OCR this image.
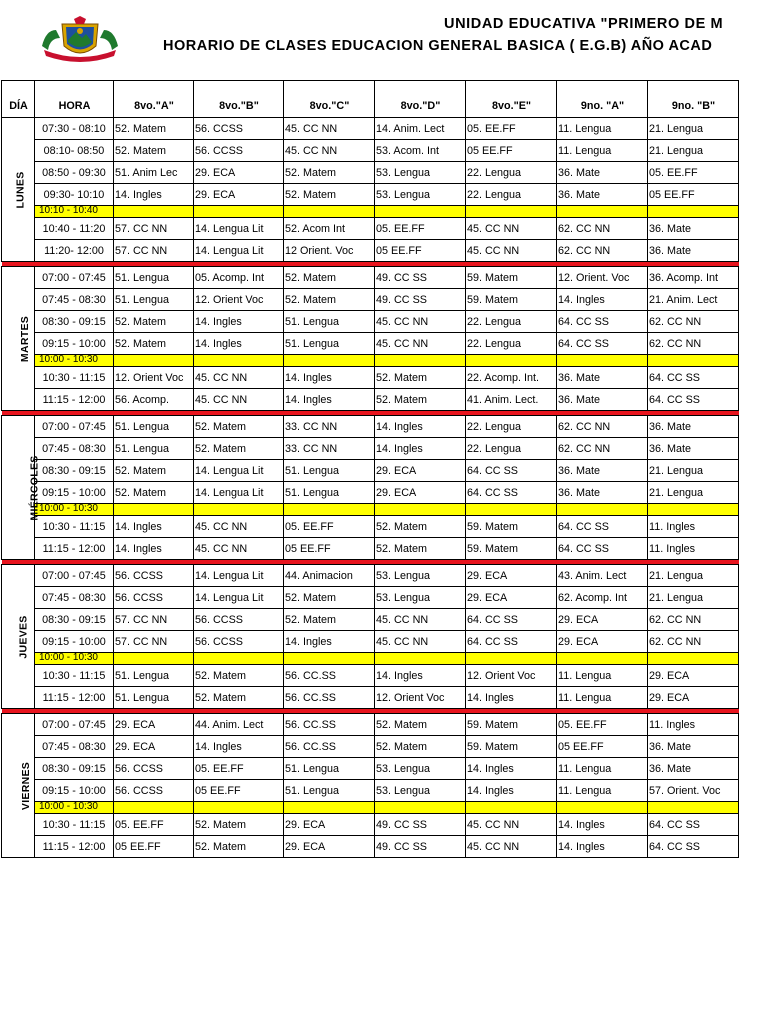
UNIDAD EDUCATIVA "PRIMERO DE M
HORARIO DE CLASES EDUCACION GENERAL BASICA ( E.G.B) AÑO ACAD
DÍA	HORA	8vo."A"	8vo."B"	8vo."C"	8vo."D"	8vo."E"	9no. "A"	9no. "B"
LUNES	07:30 - 08:10	52. Matem	56. CCSS	45. CC NN	14. Anim. Lect	05. EE.FF	11. Lengua	21. Lengua
	08:10- 08:50	52. Matem	56. CCSS	45. CC NN	53. Acom. Int	05 EE.FF	11. Lengua	21. Lengua
	08:50 - 09:30	51. Anim Lec	29. ECA	52. Matem	53. Lengua	22. Lengua	36. Mate	05. EE.FF
	09:30- 10:10	14. Ingles	29. ECA	52. Matem	53. Lengua	22. Lengua	36. Mate	05 EE.FF
	10:10 - 10:40							
	10:40 - 11:20	57. CC NN	14. Lengua Lit	52. Acom Int	05. EE.FF	45. CC NN	62. CC NN	36. Mate
	11:20- 12:00	57. CC NN	14. Lengua Lit	12 Orient. Voc	05 EE.FF	45. CC NN	62. CC NN	36. Mate

MARTES	07:00 - 07:45	51. Lengua	05. Acomp. Int	52. Matem	49. CC SS	59. Matem	12. Orient. Voc	36. Acomp. Int
	07:45 - 08:30	51. Lengua	12. Orient Voc	52. Matem	49. CC SS	59. Matem	14. Ingles	21. Anim. Lect
	08:30 - 09:15	52. Matem	14. Ingles	51. Lengua	45. CC NN	22. Lengua	64. CC SS	62. CC NN
	09:15 - 10:00	52. Matem	14. Ingles	51. Lengua	45. CC NN	22. Lengua	64. CC SS	62. CC NN
	10:00 - 10:30							
	10:30 - 11:15	12. Orient Voc	45. CC NN	14. Ingles	52. Matem	22. Acomp. Int.	36. Mate	64. CC SS
	11:15 - 12:00	56. Acomp.	45. CC NN	14. Ingles	52. Matem	41. Anim. Lect.	36. Mate	64. CC SS

MIÉRCOLES	07:00 - 07:45	51. Lengua	52. Matem	33. CC NN	14. Ingles	22. Lengua	62. CC NN	36. Mate
	07:45 - 08:30	51. Lengua	52. Matem	33. CC NN	14. Ingles	22. Lengua	62. CC NN	36. Mate
	08:30 - 09:15	52. Matem	14. Lengua Lit	51. Lengua	29. ECA	64. CC SS	36. Mate	21. Lengua
	09:15 - 10:00	52. Matem	14. Lengua Lit	51. Lengua	29. ECA	64. CC SS	36. Mate	21. Lengua
	10:00 - 10:30							
	10:30 - 11:15	14. Ingles	45. CC NN	05. EE.FF	52. Matem	59. Matem	64. CC SS	11. Ingles
	11:15 - 12:00	14. Ingles	45. CC NN	05 EE.FF	52. Matem	59. Matem	64. CC SS	11. Ingles

JUEVES	07:00 - 07:45	56. CCSS	14. Lengua Lit	44. Animacion	53. Lengua	29. ECA	43. Anim. Lect	21. Lengua
	07:45 - 08:30	56. CCSS	14. Lengua Lit	52. Matem	53. Lengua	29. ECA	62. Acomp. Int	21. Lengua
	08:30 - 09:15	57. CC NN	56. CCSS	52. Matem	45. CC NN	64. CC SS	29. ECA	62. CC NN
	09:15 - 10:00	57. CC NN	56. CCSS	14. Ingles	45. CC NN	64. CC SS	29. ECA	62. CC NN
	10:00 - 10:30							
	10:30 - 11:15	51. Lengua	52. Matem	56. CC.SS	14. Ingles	12. Orient Voc	11. Lengua	29. ECA
	11:15 - 12:00	51. Lengua	52. Matem	56. CC.SS	12. Orient Voc	14. Ingles	11. Lengua	29. ECA

VIERNES	07:00 - 07:45	29. ECA	44. Anim. Lect	56. CC.SS	52. Matem	59. Matem	05. EE.FF	11. Ingles
	07:45 - 08:30	29. ECA	14. Ingles	56. CC.SS	52. Matem	59. Matem	05 EE.FF	36. Mate
	08:30 - 09:15	56. CCSS	05. EE.FF	51. Lengua	53. Lengua	14. Ingles	11. Lengua	36. Mate
	09:15 - 10:00	56. CCSS	05 EE.FF	51. Lengua	53. Lengua	14. Ingles	11. Lengua	57. Orient. Voc
	10:00 - 10:30							
	10:30 - 11:15	05. EE.FF	52. Matem	29. ECA	49. CC SS	45. CC NN	14. Ingles	64. CC SS
	11:15 - 12:00	05 EE.FF	52. Matem	29. ECA	49. CC SS	45. CC NN	14. Ingles	64. CC SS
